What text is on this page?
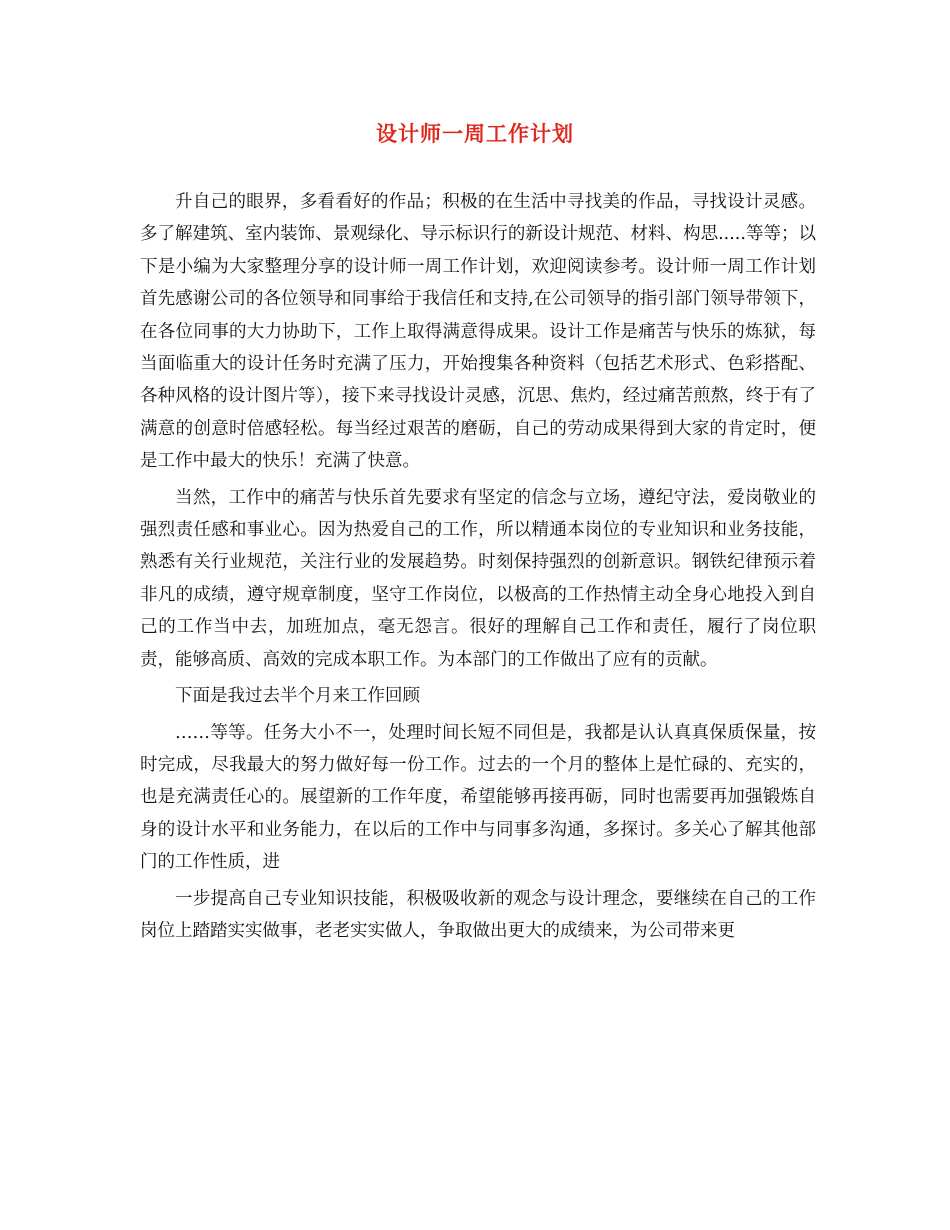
设计师一周工作计划

升自己的眼界，多看看好的作品；积极的在生活中寻找美的作品，寻找设计灵感。多了解建筑、室内装饰、景观绿化、导示标识行的新设计规范、材料、构思.....等等；以下是小编为大家整理分享的设计师一周工作计划，欢迎阅读参考。设计师一周工作计划　　首先感谢公司的各位领导和同事给于我信任和支持,在公司领导的指引部门领导带领下，在各位同事的大力协助下，工作上取得满意得成果。设计工作是痛苦与快乐的炼狱，每当面临重大的设计任务时充满了压力，开始搜集各种资料（包括艺术形式、色彩搭配、各种风格的设计图片等），接下来寻找设计灵感，沉思、焦灼，经过痛苦煎熬，终于有了满意的创意时倍感轻松。每当经过艰苦的磨砺，自己的劳动成果得到大家的肯定时，便是工作中最大的快乐！充满了快意。

当然，工作中的痛苦与快乐首先要求有坚定的信念与立场，遵纪守法，爱岗敬业的强烈责任感和事业心。因为热爱自己的工作，所以精通本岗位的专业知识和业务技能，熟悉有关行业规范，关注行业的发展趋势。时刻保持强烈的创新意识。钢铁纪律预示着非凡的成绩，遵守规章制度，坚守工作岗位，以极高的工作热情主动全身心地投入到自己的工作当中去，加班加点，毫无怨言。很好的理解自己工作和责任，履行了岗位职责，能够高质、高效的完成本职工作。为本部门的工作做出了应有的贡献。

下面是我过去半个月来工作回顾

……等等。任务大小不一，处理时间长短不同但是，我都是认认真真保质保量，按时完成，尽我最大的努力做好每一份工作。过去的一个月的整体上是忙碌的、充实的，也是充满责任心的。展望新的工作年度，希望能够再接再砺，同时也需要再加强锻炼自身的设计水平和业务能力，在以后的工作中与同事多沟通，多探讨。多关心了解其他部门的工作性质，进

一步提高自己专业知识技能，积极吸收新的观念与设计理念，要继续在自己的工作岗位上踏踏实实做事，老老实实做人，争取做出更大的成绩来，为公司带来更
